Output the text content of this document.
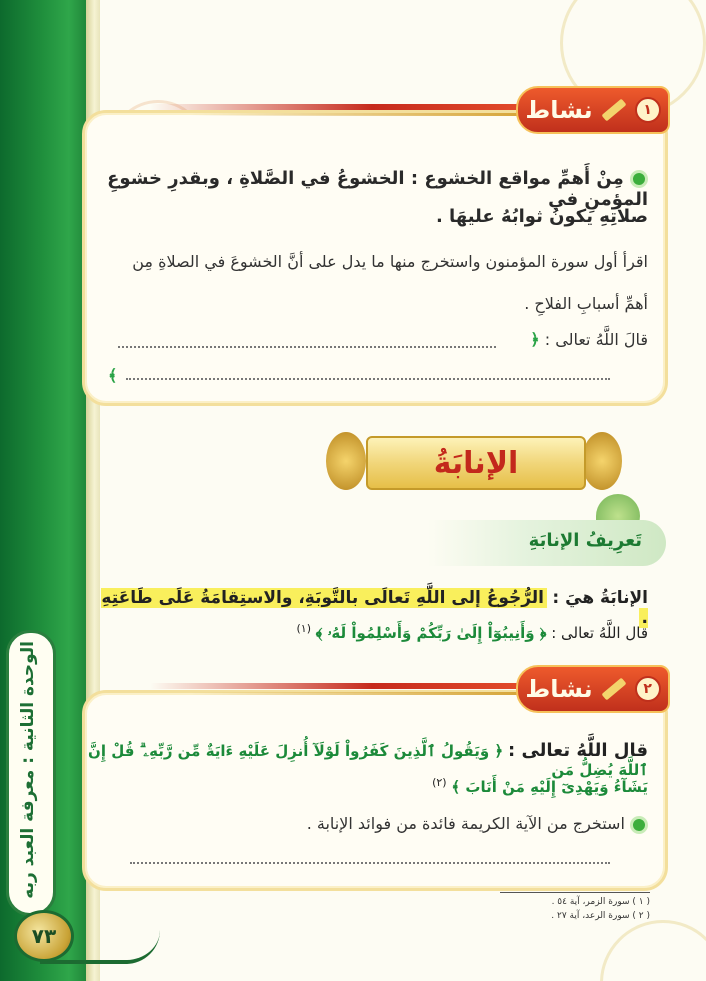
الوحدة الثانية : معرفة العبد ربه
٧٣
١
نشاط
مِنْ أَهمِّ مواقع الخشوع : الخشوعُ في الصَّلاةِ ، وبقدرِ خشوعِ المؤمنِ في
صلاتِهِ يكونُ ثوابُهُ عليهَا .
اقرأ أول سورة المؤمنون واستخرج منها ما يدل على أنَّ الخشوعَ في الصلاةِ مِن
أهمِّ أسبابِ الفلاحِ .
قالَ اللَّهُ تعالى : ﴿
﴾
الإنابَةُ
تَعرِيفُ الإنابَةِ
الإنابَةُ هيَ : الرُّجُوعُ إلى اللَّهِ تَعالَى بالتَّوبَةِ، والاستِقامَةُ عَلَى طَاعَتِهِ .
قال اللَّهُ تعالى : ﴿ وَأَنِيبُوٓاْ إِلَىٰ رَبِّكُمْ وَأَسْلِمُواْ لَهُۥ ﴾ $^{(١)}$
٢
نشاط
قال اللَّهُ تعالى : ﴿ وَيَقُولُ ٱلَّذِينَ كَفَرُواْ لَوْلَآ أُنزِلَ عَلَيْهِ ءَايَةٌ مِّن رَّبِّهِۦ ۗ قُلْ إِنَّ ٱللَّهَ يُضِلُّ مَن
يَشَآءُ وَيَهْدِىٓ إِلَيْهِ مَنْ أَنَابَ ﴾ $^{(٢)}$
استخرج من الآية الكريمة فائدة من فوائد الإنابة .
( ١ ) سورة الزمر، آية ٥٤ .
( ٢ ) سورة الرعد، آية ٢٧ .
